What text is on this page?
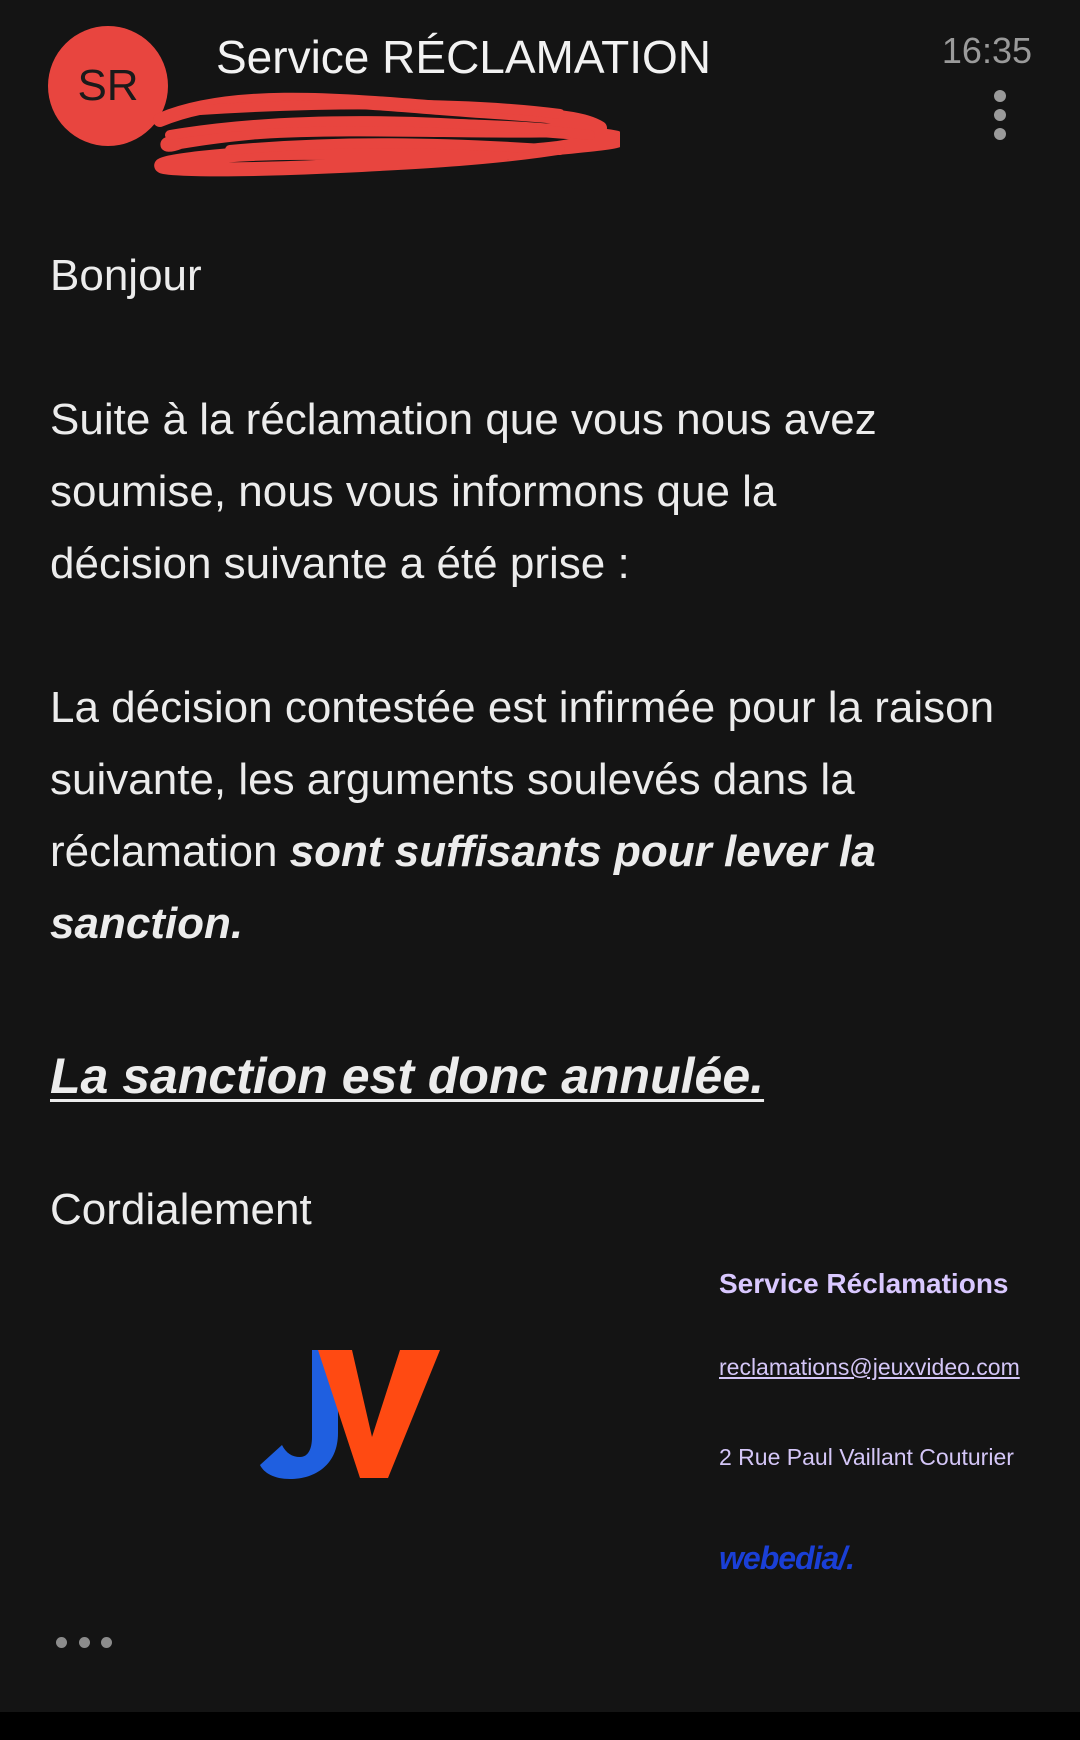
SR
Service RÉCLAMATION	16:35

Bonjour

Suite à la réclamation que vous nous avez soumise, nous vous informons que la décision suivante a été prise :

La décision contestée est infirmée pour la raison suivante, les arguments soulevés dans la réclamation sont suffisants pour lever la sanction.

La sanction est donc annulée.

Cordialement

Service Réclamations
reclamations@jeuxvideo.com
2 Rue Paul Vaillant Couturier
webedia/.
